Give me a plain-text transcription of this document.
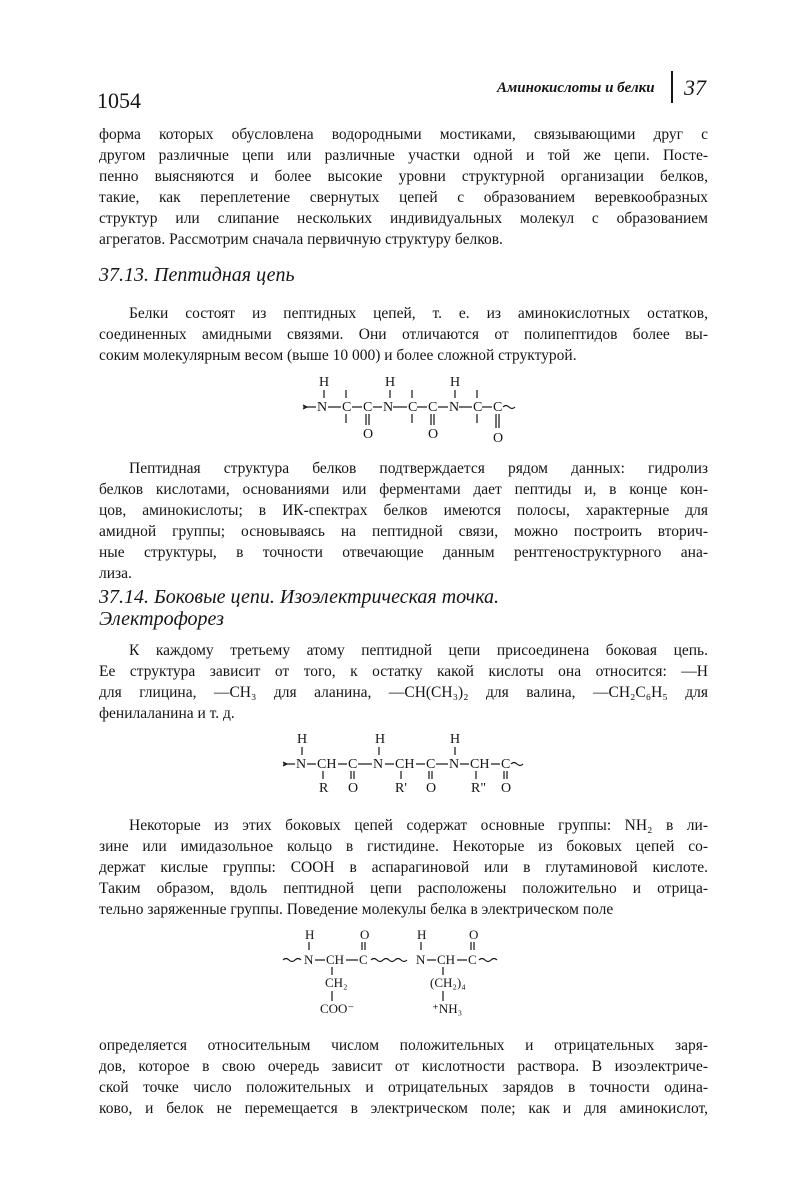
1054	Аминокислоты и белки 37

форма которых обусловлена водородными мостиками, связывающими друг с
другом различные цепи или различные участки одной и той же цепи. Посте-
пенно выясняются и более высокие уровни структурной организации белков,
такие, как переплетение свернутых цепей с образованием веревкообразных
структур или слипание нескольких индивидуальных молекул с образованием
агрегатов. Рассмотрим сначала первичную структуру белков.

37.13. Пептидная цепь

Белки состоят из пептидных цепей, т. е. из аминокислотных остатков,
соединенных амидными связями. Они отличаются от полипептидов более вы-
соким молекулярным весом (выше 10 000) и более сложной структурой.

H	H	H
N C C N C C N C C
O	O	O

Пептидная структура белков подтверждается рядом данных: гидролиз
белков кислотами, основаниями или ферментами дает пептиды и, в конце кон-
цов, аминокислоты; в ИК-спектрах белков имеются полосы, характерные для
амидной группы; основываясь на пептидной связи, можно построить вторич-
ные структуры, в точности отвечающие данным рентгеноструктурного ана-
лиза.

37.14. Боковые цепи. Изоэлектрическая точка.
Электрофорез

К каждому третьему атому пептидной цепи присоединена боковая цепь.
Ее структура зависит от того, к остатку какой кислоты она относится: —H
для глицина, —CH₃ для аланина, —CH(CH₃)₂ для валина, —CH₂C₆H₅ для
фенилаланина и т. д.

H	H	H
N CH C N CH C N CH C
R O	R' O R" O

Некоторые из этих боковых цепей содержат основные группы: NH₂ в ли-
зине или имидазольное кольцо в гистидине. Некоторые из боковых цепей со-
держат кислые группы: COOH в аспарагиновой или в глутаминовой кислоте.
Таким образом, вдоль пептидной цепи расположены положительно и отрица-
тельно заряженные группы. Поведение молекулы белка в электрическом поле

H	O	H	O
N CH C	N CH C
CH₂
COO⁻
(CH₂)₄
⁺NH₃

определяется относительным числом положительных и отрицательных заря-
дов, которое в свою очередь зависит от кислотности раствора. В изоэлектриче-
ской точке число положительных и отрицательных зарядов в точности одина-
ково, и белок не перемещается в электрическом поле; как и для аминокислот,
